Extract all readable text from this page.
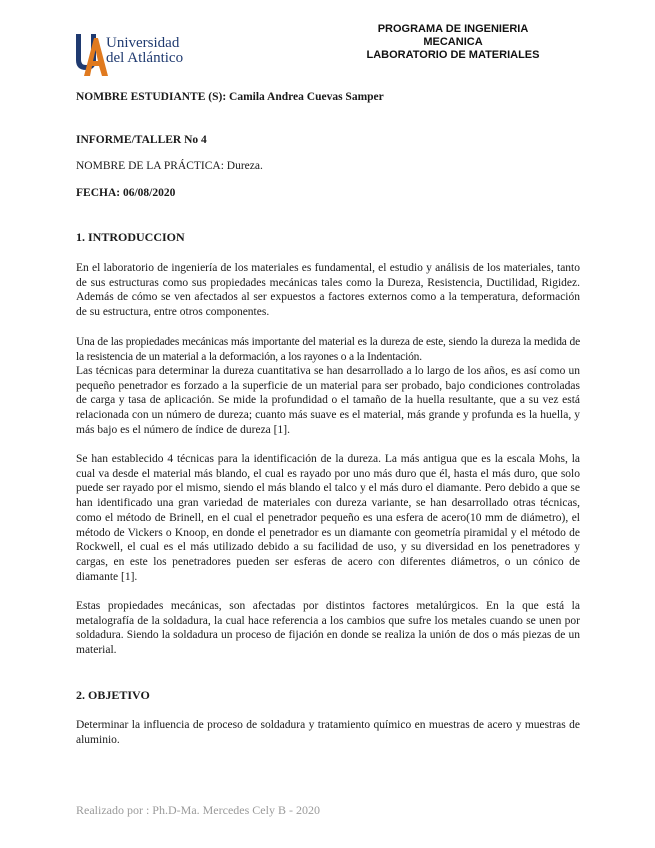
Universidad
del Atlántico
PROGRAMA DE INGENIERIA
MECANICA
LABORATORIO DE MATERIALES
NOMBRE ESTUDIANTE (S): Camila Andrea Cuevas Samper
INFORME/TALLER No 4
NOMBRE DE LA PRÁCTICA: Dureza.
FECHA: 06/08/2020
1. INTRODUCCION

En el laboratorio de ingeniería de los materiales es fundamental, el estudio y análisis de los materiales, tanto de sus estructuras como sus propiedades mecánicas tales como la Dureza, Resistencia, Ductilidad, Rigidez. Además de cómo se ven afectados al ser expuestos a factores externos como a la temperatura, deformación de su estructura, entre otros componentes.

Una de las propiedades mecánicas más importante del material es la dureza de este, siendo la dureza la medida de la resistencia de un material a la deformación, a los rayones o a la Indentación.

Las técnicas para determinar la dureza cuantitativa se han desarrollado a lo largo de los años, es así como un pequeño penetrador es forzado a la superficie de un material para ser probado, bajo condiciones controladas de carga y tasa de aplicación. Se mide la profundidad o el tamaño de la huella resultante, que a su vez está relacionada con un número de dureza; cuanto más suave es el material, más grande y profunda es la huella, y más bajo es el número de índice de dureza [1].

Se han establecido 4 técnicas para la identificación de la dureza. La más antigua que es la escala Mohs, la cual va desde el material más blando, el cual es rayado por uno más duro que él, hasta el más duro, que solo puede ser rayado por el mismo, siendo el más blando el talco y el más duro el diamante. Pero debido a que se han identificado una gran variedad de materiales con dureza variante, se han desarrollado otras técnicas, como el método de Brinell, en el cual el penetrador pequeño es una esfera de acero(10 mm de diámetro), el método de Vickers o Knoop, en donde el penetrador es un diamante con geometría piramidal y el método de Rockwell, el cual es el más utilizado debido a su facilidad de uso, y su diversidad en los penetradores y cargas, en este los penetradores pueden ser esferas de acero con diferentes diámetros, o un cónico de diamante [1].

Estas propiedades mecánicas, son afectadas por distintos factores metalúrgicos. En la que está la metalografía de la soldadura, la cual hace referencia a los cambios que sufre los metales cuando se unen por soldadura. Siendo la soldadura un proceso de fijación en donde se realiza la unión de dos o más piezas de un material.

2. OBJETIVO

Determinar la influencia de proceso de soldadura y tratamiento químico en muestras de acero y muestras de aluminio.

Realizado por : Ph.D-Ma. Mercedes Cely B - 2020
